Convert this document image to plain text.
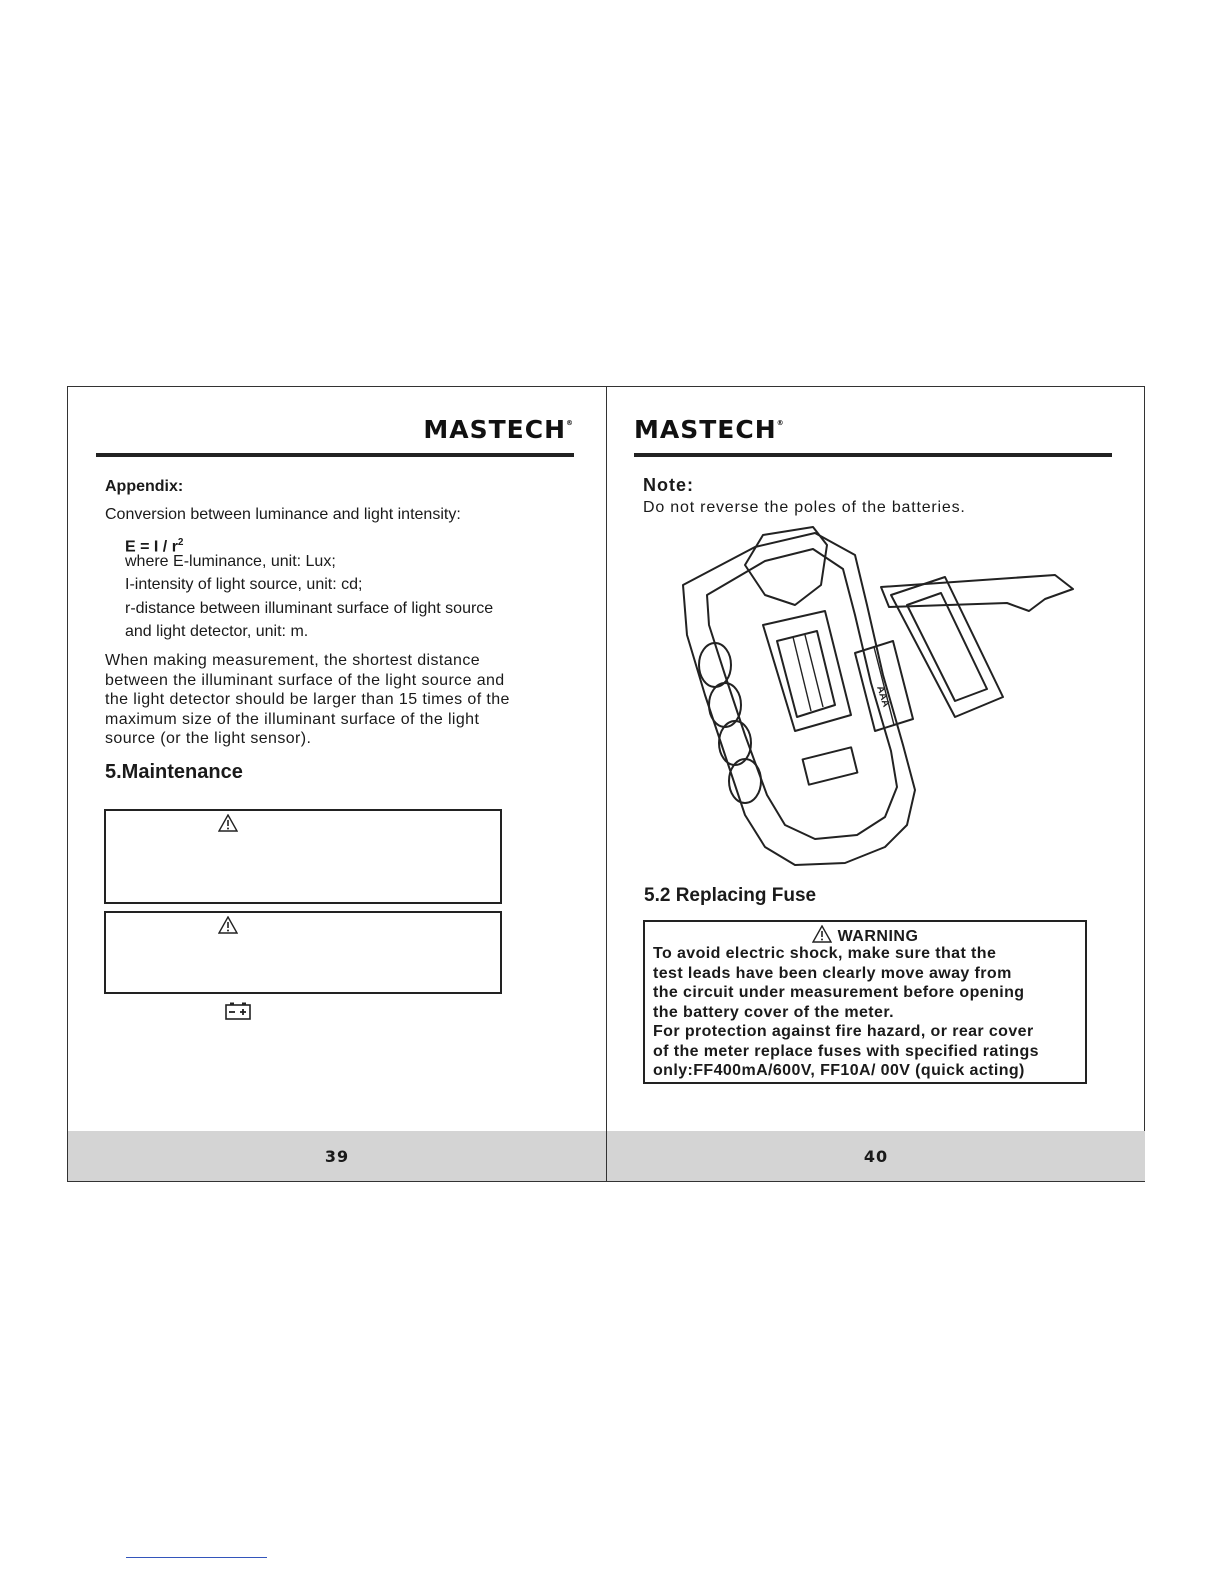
MASTECH®
Appendix:
Conversion between luminance and light intensity:
$E = I / r^2$
where E-luminance, unit: Lux;
I-intensity of light source, unit: cd;
r-distance between illuminant surface of light source
and light detector, unit: m.
When making measurement, the shortest distance
between the illuminant surface of the light source and
the light detector should be larger than 15 times of the
maximum size of the illuminant surface of the light
source (or the light sensor).
5.Maintenance
39
MASTECH®
Note:
Do not reverse the poles of the batteries.
AAA
5.2 Replacing Fuse
WARNING
To avoid electric shock, make sure that the
test leads have been clearly move away from
the circuit under measurement before opening
the battery cover of the meter.
For protection against fire hazard, or rear cover
of the meter replace fuses with specified ratings
only:FF400mA/600V, FF10A/ 00V (quick acting)
40
